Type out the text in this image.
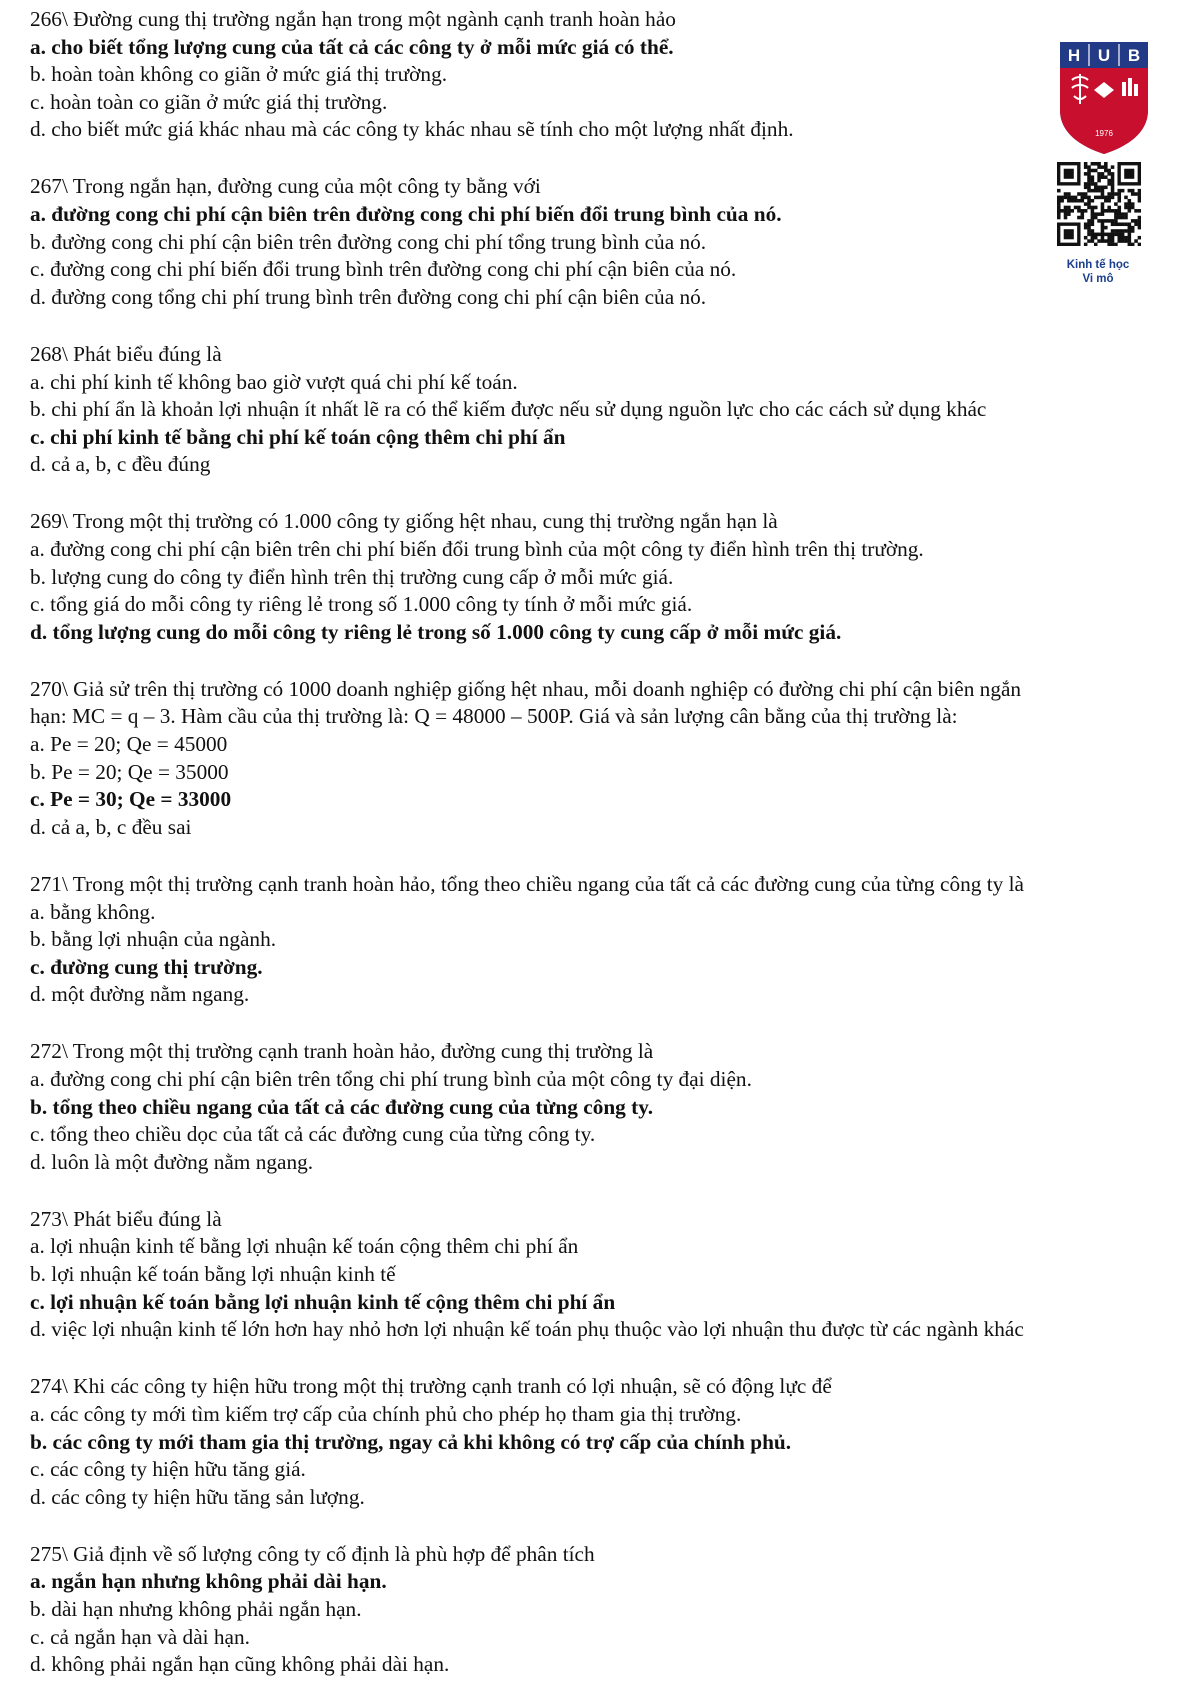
266\ Đường cung thị trường ngắn hạn trong một ngành cạnh tranh hoàn hảo
a. cho biết tổng lượng cung của tất cả các công ty ở mỗi mức giá có thể.
b. hoàn toàn không co giãn ở mức giá thị trường.
c. hoàn toàn co giãn ở mức giá thị trường.
d. cho biết mức giá khác nhau mà các công ty khác nhau sẽ tính cho một lượng nhất định.
267\ Trong ngắn hạn, đường cung của một công ty bằng với
a. đường cong chi phí cận biên trên đường cong chi phí biến đổi trung bình của nó.
b. đường cong chi phí cận biên trên đường cong chi phí tổng trung bình của nó.
c. đường cong chi phí biến đổi trung bình trên đường cong chi phí cận biên của nó.
d. đường cong tổng chi phí trung bình trên đường cong chi phí cận biên của nó.
268\ Phát biểu đúng là
a. chi phí kinh tế không bao giờ vượt quá chi phí kế toán.
b. chi phí ẩn là khoản lợi nhuận ít nhất lẽ ra có thể kiếm được nếu sử dụng nguồn lực cho các cách sử dụng khác
c. chi phí kinh tế bằng chi phí kế toán cộng thêm chi phí ẩn
d. cả a, b, c đều đúng
269\ Trong một thị trường có 1.000 công ty giống hệt nhau, cung thị trường ngắn hạn là
a. đường cong chi phí cận biên trên chi phí biến đổi trung bình của một công ty điển hình trên thị trường.
b. lượng cung do công ty điển hình trên thị trường cung cấp ở mỗi mức giá.
c. tổng giá do mỗi công ty riêng lẻ trong số 1.000 công ty tính ở mỗi mức giá.
d. tổng lượng cung do mỗi công ty riêng lẻ trong số 1.000 công ty cung cấp ở mỗi mức giá.
270\ Giả sử trên thị trường có 1000 doanh nghiệp giống hệt nhau, mỗi doanh nghiệp có đường chi phí cận biên ngắn
hạn: MC = q – 3. Hàm cầu của thị trường là: Q = 48000 – 500P. Giá và sản lượng cân bằng của thị trường là:
a. Pe = 20; Qe = 45000
b. Pe = 20; Qe = 35000
c. Pe = 30; Qe = 33000
d. cả a, b, c đều sai
271\ Trong một thị trường cạnh tranh hoàn hảo, tổng theo chiều ngang của tất cả các đường cung của từng công ty là
a. bằng không.
b. bằng lợi nhuận của ngành.
c. đường cung thị trường.
d. một đường nằm ngang.
272\ Trong một thị trường cạnh tranh hoàn hảo, đường cung thị trường là
a. đường cong chi phí cận biên trên tổng chi phí trung bình của một công ty đại diện.
b. tổng theo chiều ngang của tất cả các đường cung của từng công ty.
c. tổng theo chiều dọc của tất cả các đường cung của từng công ty.
d. luôn là một đường nằm ngang.
273\ Phát biểu đúng là
a. lợi nhuận kinh tế bằng lợi nhuận kế toán cộng thêm chi phí ẩn
b. lợi nhuận kế toán bằng lợi nhuận kinh tế
c. lợi nhuận kế toán bằng lợi nhuận kinh tế cộng thêm chi phí ẩn
d. việc lợi nhuận kinh tế lớn hơn hay nhỏ hơn lợi nhuận kế toán phụ thuộc vào lợi nhuận thu được từ các ngành khác
274\ Khi các công ty hiện hữu trong một thị trường cạnh tranh có lợi nhuận, sẽ có động lực để
a. các công ty mới tìm kiếm trợ cấp của chính phủ cho phép họ tham gia thị trường.
b. các công ty mới tham gia thị trường, ngay cả khi không có trợ cấp của chính phủ.
c. các công ty hiện hữu tăng giá.
d. các công ty hiện hữu tăng sản lượng.
275\ Giả định về số lượng công ty cố định là phù hợp để phân tích
a. ngắn hạn nhưng không phải dài hạn.
b. dài hạn nhưng không phải ngắn hạn.
c. cả ngắn hạn và dài hạn.
d. không phải ngắn hạn cũng không phải dài hạn.
H U B
1976
Kinh tế học
Vi mô
